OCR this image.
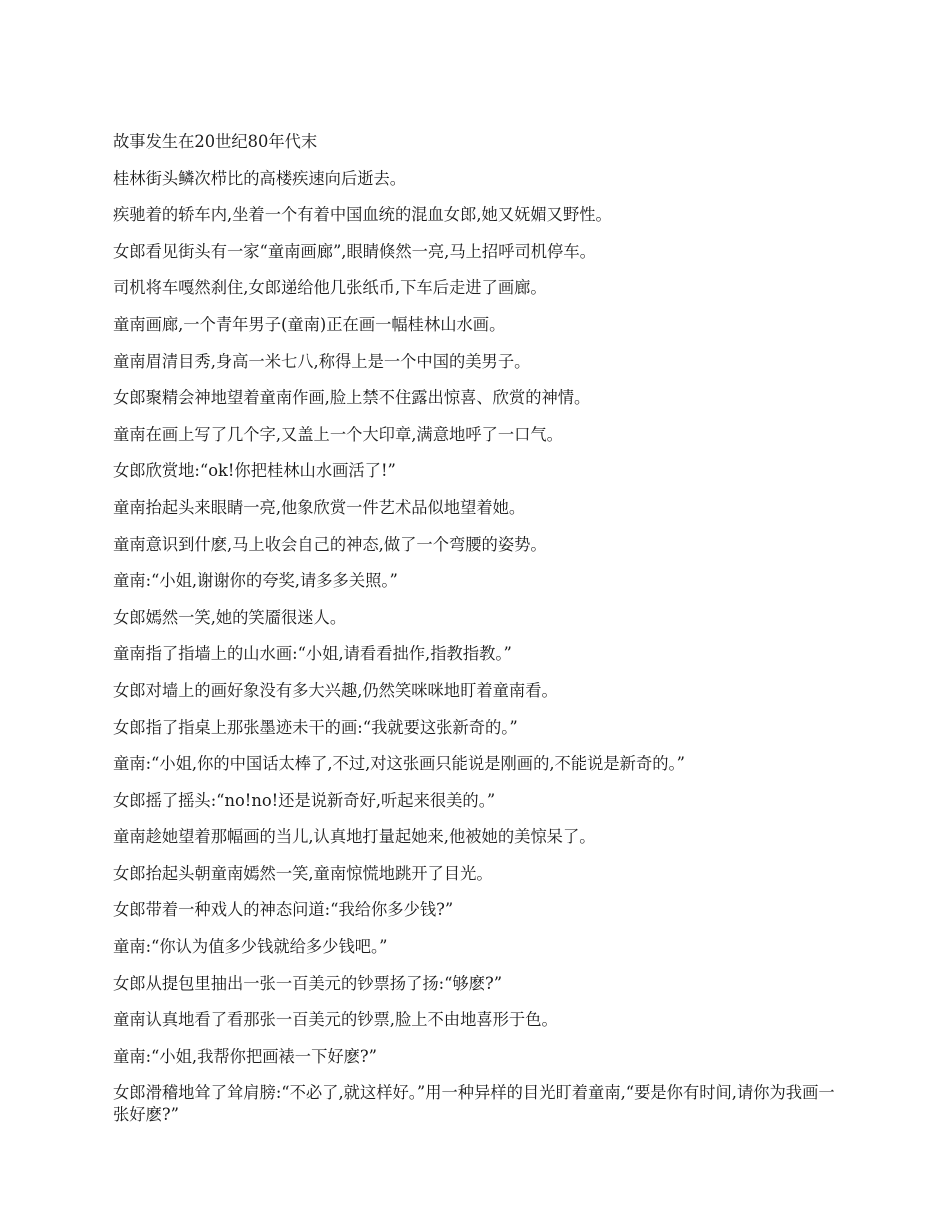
故事发生在20世纪80年代末

桂林街头鳞次栉比的高楼疾速向后逝去。

疾驰着的轿车内,坐着一个有着中国血统的混血女郎,她又妩媚又野性。

女郎看见街头有一家“童南画廊”,眼睛倏然一亮,马上招呼司机停车。

司机将车嘎然刹住,女郎递给他几张纸币,下车后走进了画廊。

童南画廊,一个青年男子(童南)正在画一幅桂林山水画。

童南眉清目秀,身高一米七八,称得上是一个中国的美男子。

女郎聚精会神地望着童南作画,脸上禁不住露出惊喜、欣赏的神情。

童南在画上写了几个字,又盖上一个大印章,满意地呼了一口气。

女郎欣赏地:“ok!你把桂林山水画活了!”

童南抬起头来眼睛一亮,他象欣赏一件艺术品似地望着她。

童南意识到什麽,马上收会自己的神态,做了一个弯腰的姿势。

童南:“小姐,谢谢你的夸奖,请多多关照。”

女郎嫣然一笑,她的笑靥很迷人。

童南指了指墙上的山水画:“小姐,请看看拙作,指教指教。”

女郎对墙上的画好象没有多大兴趣,仍然笑咪咪地盯着童南看。

女郎指了指桌上那张墨迹未干的画:“我就要这张新奇的。”

童南:“小姐,你的中国话太棒了,不过,对这张画只能说是刚画的,不能说是新奇的。”

女郎摇了摇头:“no!no!还是说新奇好,听起来很美的。”

童南趁她望着那幅画的当儿,认真地打量起她来,他被她的美惊呆了。

女郎抬起头朝童南嫣然一笑,童南惊慌地跳开了目光。

女郎带着一种戏人的神态问道:“我给你多少钱?”

童南:“你认为值多少钱就给多少钱吧。”

女郎从提包里抽出一张一百美元的钞票扬了扬:“够麽?”

童南认真地看了看那张一百美元的钞票,脸上不由地喜形于色。

童南:“小姐,我帮你把画裱一下好麽?”

女郎滑稽地耸了耸肩膀:“不必了,就这样好。”用一种异样的目光盯着童南,“要是你有时间,请你为我画一张好麽?”
